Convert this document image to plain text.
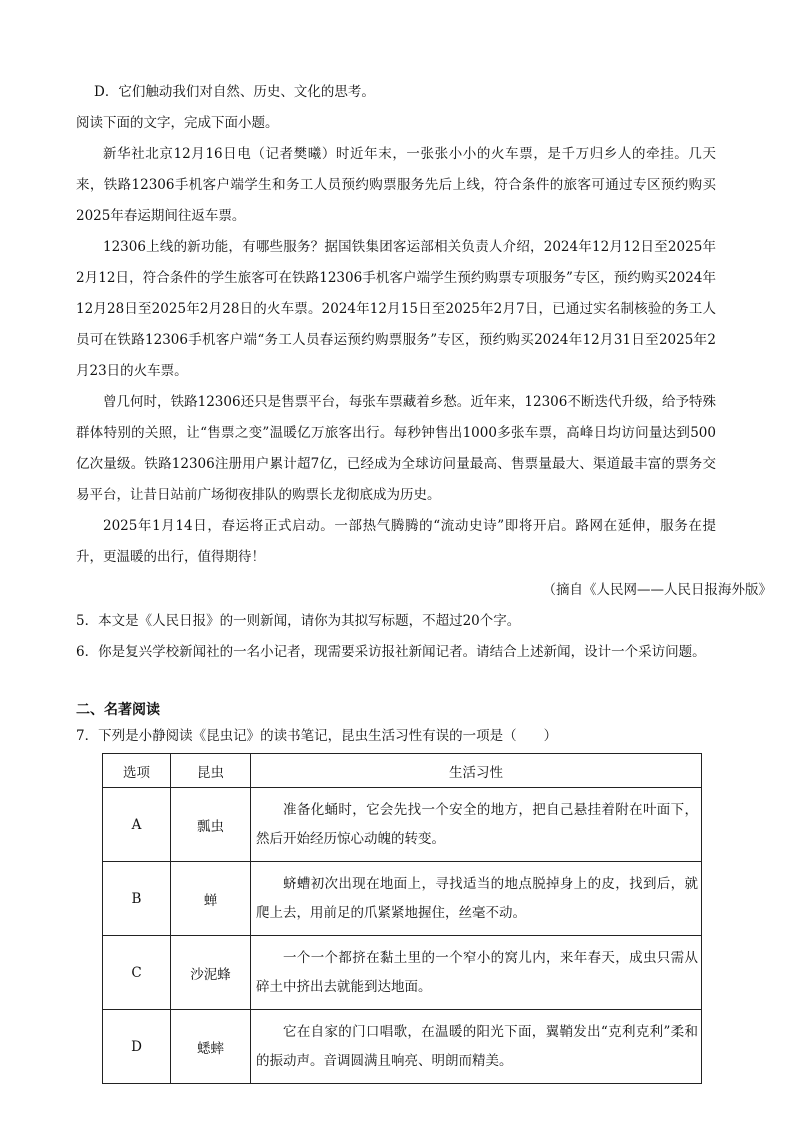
D．它们触动我们对自然、历史、文化的思考。

阅读下面的文字，完成下面小题。

新华社北京12月16日电（记者樊曦）时近年末，一张张小小的火车票，是千万归乡人的牵挂。几天来，铁路12306手机客户端学生和务工人员预约购票服务先后上线，符合条件的旅客可通过专区预约购买2025年春运期间往返车票。

12306上线的新功能，有哪些服务？据国铁集团客运部相关负责人介绍，2024年12月12日至2025年2月12日，符合条件的学生旅客可在铁路12306手机客户端学生预约购票专项服务”专区，预约购买2024年12月28日至2025年2月28日的火车票。2024年12月15日至2025年2月7日，已通过实名制核验的务工人员可在铁路12306手机客户端“务工人员春运预约购票服务”专区，预约购买2024年12月31日至2025年2月23日的火车票。

曾几何时，铁路12306还只是售票平台，每张车票藏着乡愁。近年来，12306不断迭代升级，给予特殊群体特别的关照，让“售票之变”温暖亿万旅客出行。每秒钟售出1000多张车票，高峰日均访问量达到500亿次量级。铁路12306注册用户累计超7亿，已经成为全球访问量最高、售票量最大、渠道最丰富的票务交易平台，让昔日站前广场彻夜排队的购票长龙彻底成为历史。

2025年1月14日，春运将正式启动。一部热气腾腾的“流动史诗”即将开启。路网在延伸，服务在提升，更温暖的出行，值得期待！

（摘自《人民网——人民日报海外版》

5．本文是《人民日报》的一则新闻，请你为其拟写标题，不超过20个字。

6．你是复兴学校新闻社的一名小记者，现需要采访报社新闻记者。请结合上述新闻，设计一个采访问题。

二、名著阅读

7．下列是小静阅读《昆虫记》的读书笔记，昆虫生活习性有误的一项是（　　）

选项	昆虫	生活习性
A	瓢虫	准备化蛹时，它会先找一个安全的地方，把自己悬挂着附在叶面下，然后开始经历惊心动魄的转变。
B	蝉	蛴螬初次出现在地面上，寻找适当的地点脱掉身上的皮，找到后，就爬上去，用前足的爪紧紧地握住，丝毫不动。
C	沙泥蜂	一个一个都挤在黏土里的一个窄小的窝儿内，来年春天，成虫只需从碎土中挤出去就能到达地面。
D	蟋蟀	它在自家的门口唱歌，在温暖的阳光下面，翼鞘发出“克利克利”柔和的振动声。音调圆满且响亮、明朗而精美。
